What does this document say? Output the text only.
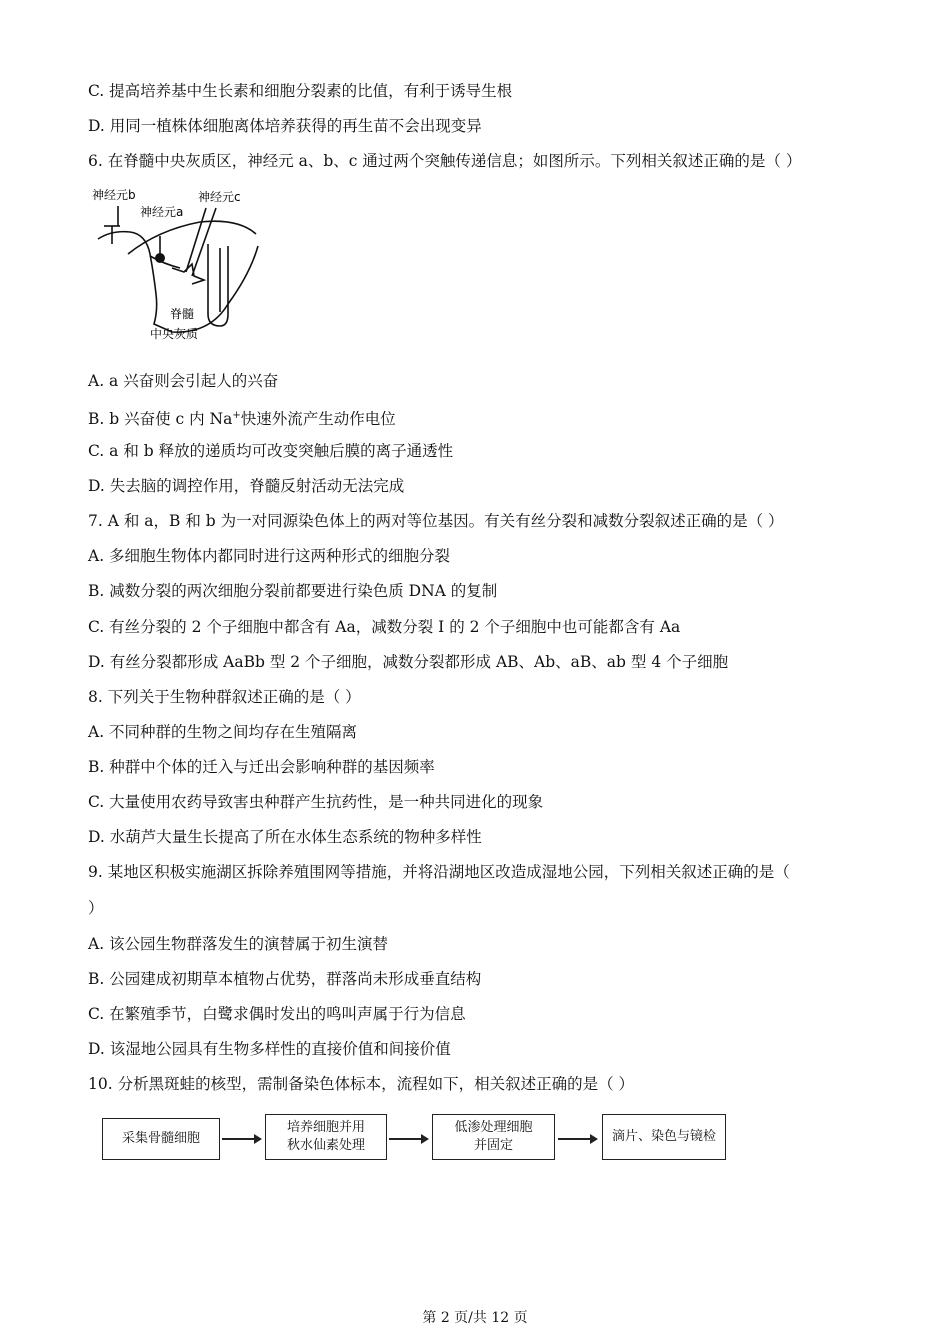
C. 提高培养基中生长素和细胞分裂素的比值，有利于诱导生根
D. 用同一植株体细胞离体培养获得的再生苗不会出现变异
6. 在脊髓中央灰质区，神经元 a、b、c 通过两个突触传递信息；如图所示。下列相关叙述正确的是（ ）
神经元b
神经元a
神经元c
脊髓
中央灰质
A. a 兴奋则会引起人的兴奋
B. b 兴奋使 c 内 Na+快速外流产生动作电位
C. a 和 b 释放的递质均可改变突触后膜的离子通透性
D. 失去脑的调控作用，脊髓反射活动无法完成
7. A 和 a，B 和 b 为一对同源染色体上的两对等位基因。有关有丝分裂和减数分裂叙述正确的是（ ）
A. 多细胞生物体内都同时进行这两种形式的细胞分裂
B. 减数分裂的两次细胞分裂前都要进行染色质 DNA 的复制
C. 有丝分裂的 2 个子细胞中都含有 Aa，减数分裂 Ⅰ 的 2 个子细胞中也可能都含有 Aa
D. 有丝分裂都形成 AaBb 型 2 个子细胞，减数分裂都形成 AB、Ab、aB、ab 型 4 个子细胞
8. 下列关于生物种群叙述正确的是（ ）
A. 不同种群的生物之间均存在生殖隔离
B. 种群中个体的迁入与迁出会影响种群的基因频率
C. 大量使用农药导致害虫种群产生抗药性，是一种共同进化的现象
D. 水葫芦大量生长提高了所在水体生态系统的物种多样性
9. 某地区积极实施湖区拆除养殖围网等措施，并将沿湖地区改造成湿地公园，下列相关叙述正确的是（
）
A. 该公园生物群落发生的演替属于初生演替
B. 公园建成初期草本植物占优势，群落尚未形成垂直结构
C. 在繁殖季节，白鹭求偶时发出的鸣叫声属于行为信息
D. 该湿地公园具有生物多样性的直接价值和间接价值
10. 分析黑斑蛙的核型，需制备染色体标本，流程如下，相关叙述正确的是（ ）
采集骨髓细胞
培养细胞并用
秋水仙素处理
低渗处理细胞
并固定
滴片、染色与镜检
第 2 页/共 12 页
